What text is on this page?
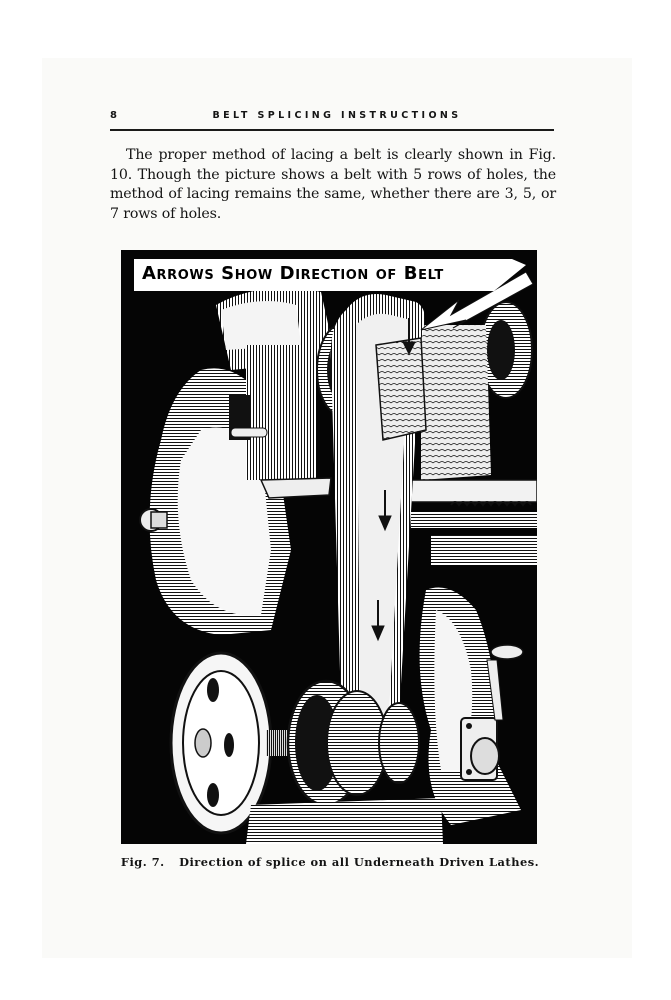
8	BELT SPLICING INSTRUCTIONS

The proper method of lacing a belt is clearly shown in Fig. 10. Though the picture shows a belt with 5 rows of holes, the method of lacing remains the same, whether there are 3, 5, or 7 rows of holes.

Arrows Show Direction of Belt
Fig. 7. Direction of splice on all Underneath Driven Lathes.
